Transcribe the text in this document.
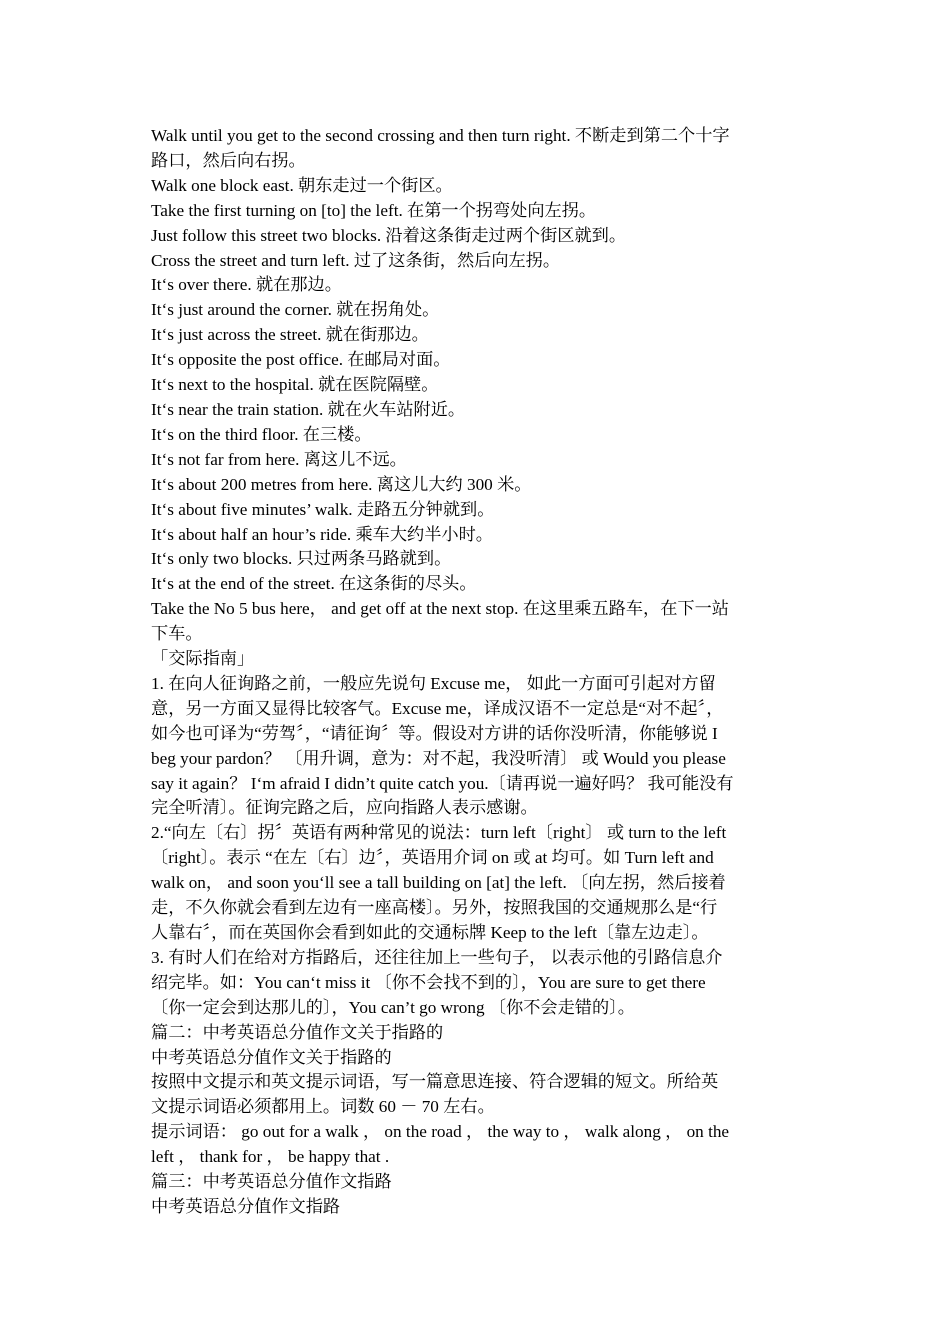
Walk until you get to the second crossing and then turn right. 不断走到第二个十字
路口，然后向右拐。
Walk one block east. 朝东走过一个街区。
Take the first turning on [to] the left. 在第一个拐弯处向左拐。
Just follow this street two blocks. 沿着这条街走过两个街区就到。
Cross the street and turn left. 过了这条街，然后向左拐。
It‘s over there. 就在那边。
It‘s just around the corner. 就在拐角处。
It‘s just across the street. 就在街那边。
It‘s opposite the post office. 在邮局对面。
It‘s next to the hospital. 就在医院隔壁。
It‘s near the train station. 就在火车站附近。
It‘s on the third floor. 在三楼。
It‘s not far from here. 离这儿不远。
It‘s about 200 metres from here. 离这儿大约 300 米。
It‘s about five minutes’ walk. 走路五分钟就到。
It‘s about half an hour’s ride. 乘车大约半小时。
It‘s only two blocks. 只过两条马路就到。
It‘s at the end of the street. 在这条街的尽头。
Take the No 5 bus here， and get off at the next stop. 在这里乘五路车，在下一站
下车。
「交际指南」
1. 在向人征询路之前，一般应先说句 Excuse me， 如此一方面可引起对方留
意，另一方面又显得比较客气。Excuse me，译成汉语不一定总是“对不起〞，
如今也可译为“劳驾〞，“请征询〞等。假设对方讲的话你没听清，你能够说 I
beg your pardon？ 〔用升调，意为：对不起，我没听清〕 或 Would you please
say it again？ I‘m afraid I didn’t quite catch you.〔请再说一遍好吗？ 我可能没有
完全听清〕。征询完路之后，应向指路人表示感谢。
2.“向左〔右〕拐〞英语有两种常见的说法：turn left〔right〕 或 turn to the left
〔right〕。表示 “在左〔右〕边〞，英语用介词 on 或 at 均可。如 Turn left and
walk on， and soon you‘ll see a tall building on [at] the left. 〔向左拐，然后接着
走，不久你就会看到左边有一座高楼〕。另外，按照我国的交通规那么是“行
人靠右〞，而在英国你会看到如此的交通标牌 Keep to the left〔靠左边走〕。
3. 有时人们在给对方指路后，还往往加上一些句子， 以表示他的引路信息介
绍完毕。如：You can‘t miss it 〔你不会找不到的〕，You are sure to get there
〔你一定会到达那儿的〕，You can’t go wrong 〔你不会走错的〕。
篇二：中考英语总分值作文关于指路的
中考英语总分值作文关于指路的
按照中文提示和英文提示词语，写一篇意思连接、符合逻辑的短文。所给英
文提示词语必须都用上。词数 60 － 70 左右。
提示词语： go out for a walk ， on the road ， the way to ， walk along ， on the
left ， thank for ， be happy that .
篇三：中考英语总分值作文指路
中考英语总分值作文指路
